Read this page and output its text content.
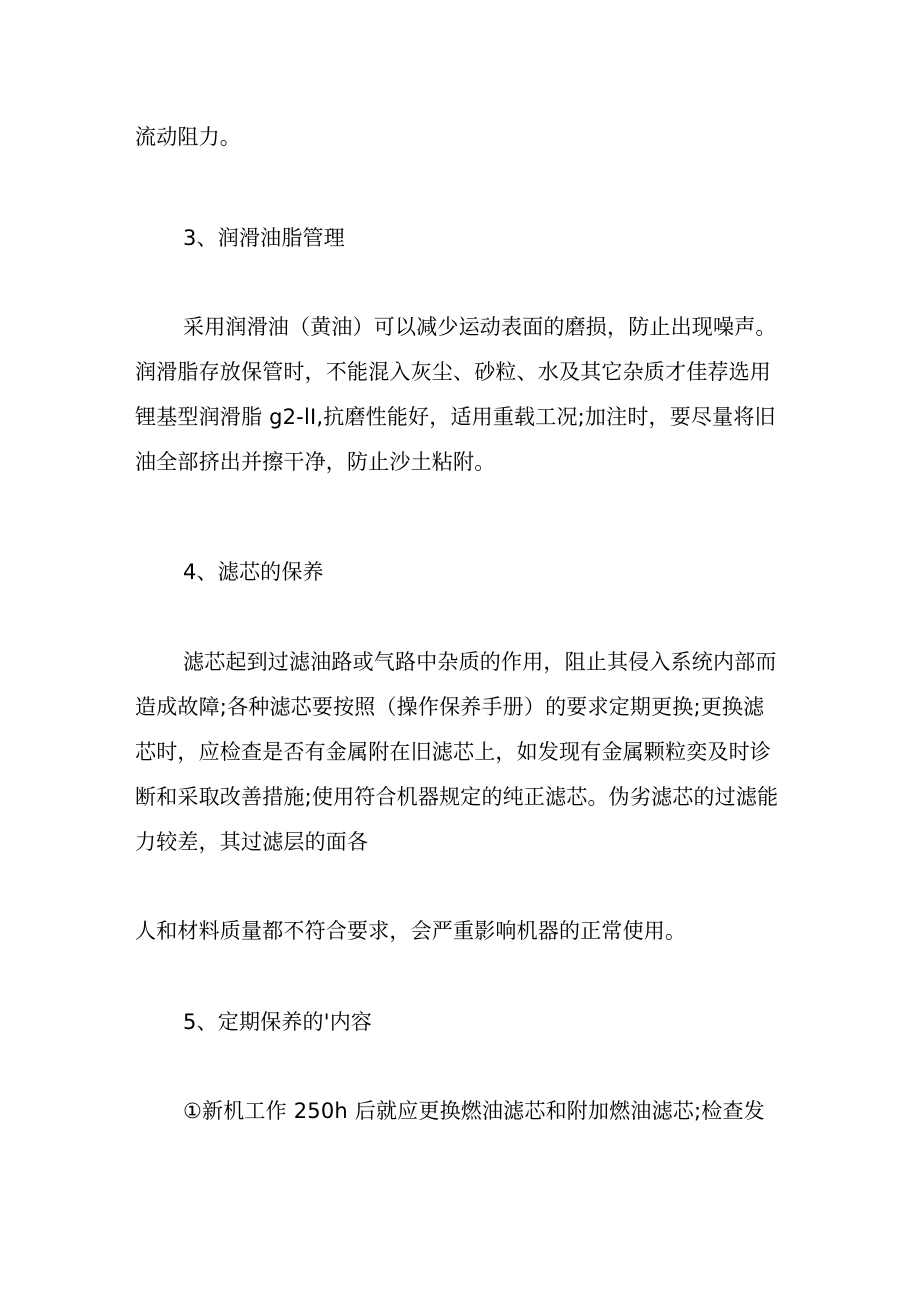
流动阻力。
3、润滑油脂管理
采用润滑油（黄油）可以减少运动表面的磨损，防止出现噪声。
润滑脂存放保管时，不能混入灰尘、砂粒、水及其它杂质才佳荐选用
锂基型润滑脂 g2-lI,抗磨性能好，适用重载工况;加注时，要尽量将旧
油全部挤出并擦干净，防止沙土粘附。
4、滤芯的保养
滤芯起到过滤油路或气路中杂质的作用，阻止其侵入系统内部而
造成故障;各种滤芯要按照（操作保养手册）的要求定期更换;更换滤
芯时，应检查是否有金属附在旧滤芯上，如发现有金属颗粒奕及时诊
断和采取改善措施;使用符合机器规定的纯正滤芯。伪劣滤芯的过滤能
力较差，其过滤层的面各
人和材料质量都不符合要求，会严重影响机器的正常使用。
5、定期保养的'内容
①新机工作 250h 后就应更换燃油滤芯和附加燃油滤芯;检查发
